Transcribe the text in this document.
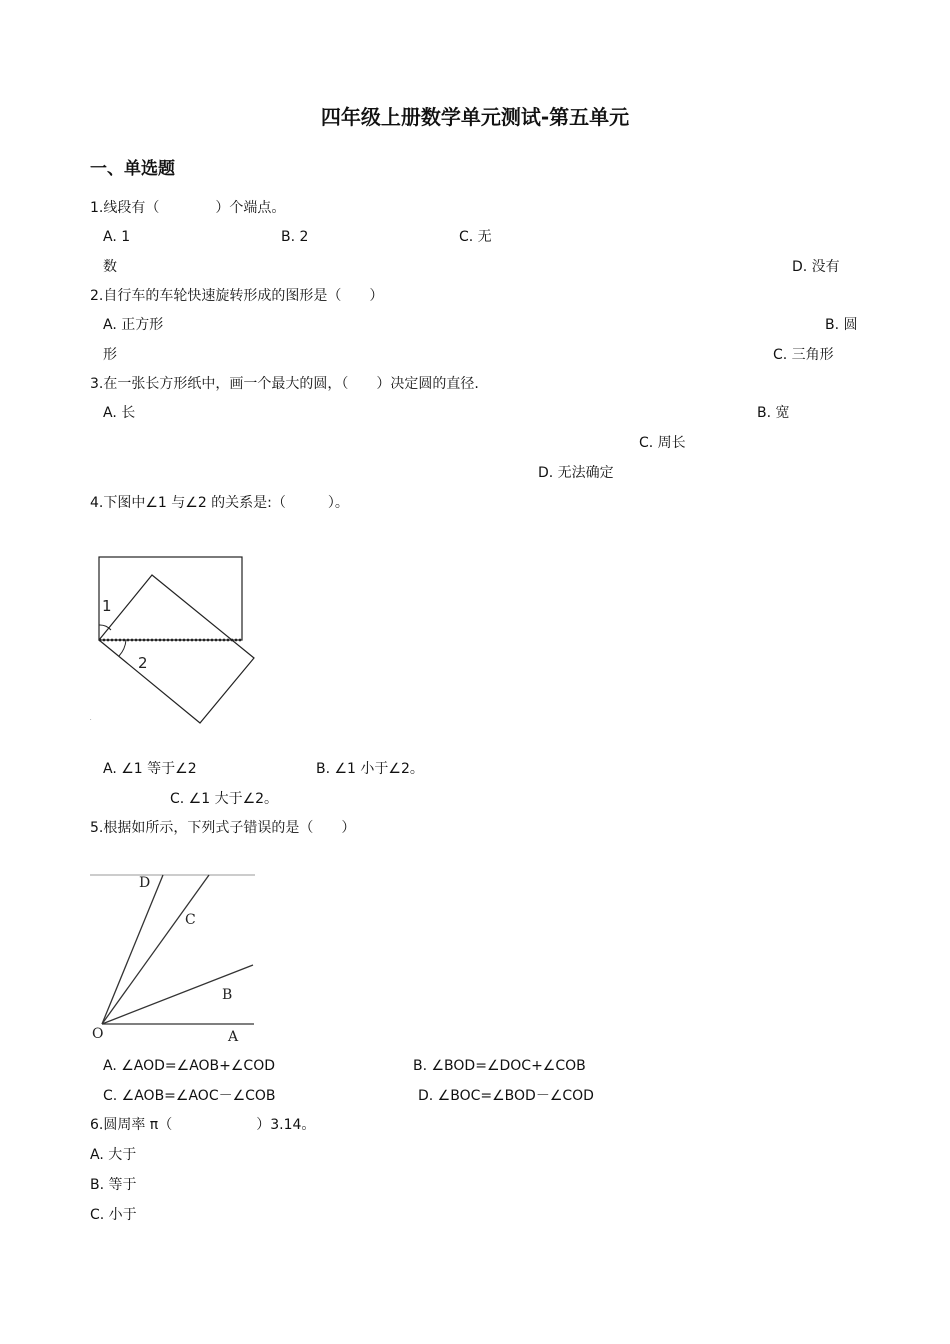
四年级上册数学单元测试-第五单元
一、单选题
1.线段有（　　　　）个端点。
A. 1	B. 2	C. 无
数	D. 没有
2.自行车的车轮快速旋转形成的图形是（　　）
A. 正方形	B. 圆
形	C. 三角形
3.在一张长方形纸中，画一个最大的圆，（　　）决定圆的直径.
A. 长	B. 宽
C. 周长
D. 无法确定
4.下图中∠1 与∠2 的关系是:（　　　）。
1
2
.
A. ∠1 等于∠2	B. ∠1 小于∠2。
C. ∠1 大于∠2。
5.根据如所示，下列式子错误的是（　　）
D
C
B
O	A
A. ∠AOD=∠AOB+∠COD	B. ∠BOD=∠DOC+∠COB
C. ∠AOB=∠AOC－∠COB	D. ∠BOC=∠BOD－∠COD
6.圆周率 π（　　　　　　）3.14。
A. 大于
B. 等于
C. 小于
